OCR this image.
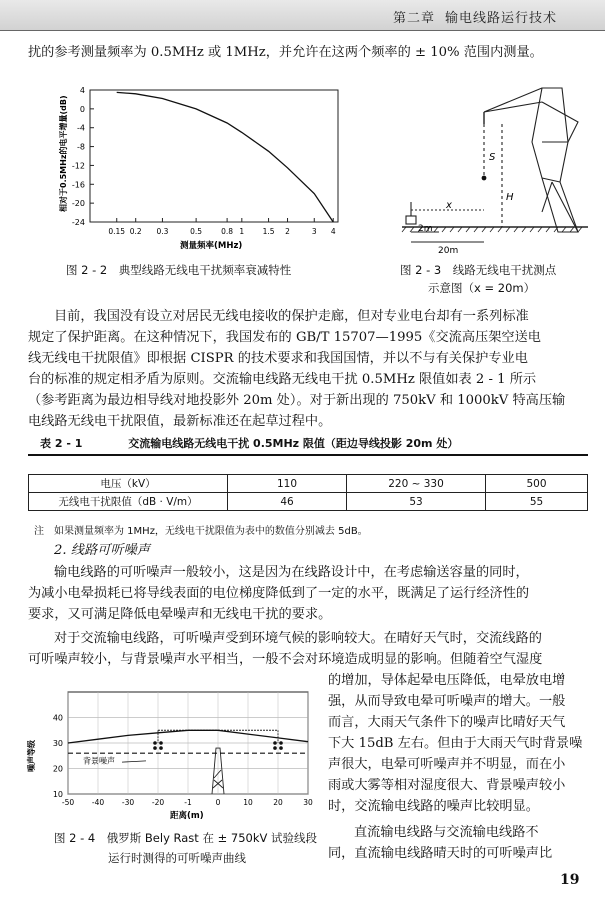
第二章 输电线路运行技术
扰的参考测量频率为 0.5MHz 或 1MHz，并允许在这两个频率的 ± 10% 范围内测量。
4
0
-4
-8
-12
-16
-20
-24
0.15 0.2 0.3	0.5	0.8 1 1.5 2	3 4
相对于0.5MHz的电平增量(dB)
测量频率(MHz)
图 2 - 2　典型线路无线电干扰频率衰减特性
S
H
x
2m
20m
图 2 - 3　线路无线电干扰测点
示意图（x = 20m）
目前，我国没有设立对居民无线电接收的保护走廊，但对专业电台却有一系列标准
规定了保护距离。在这种情况下，我国发布的 GB/T 15707—1995《交流高压架空送电
线无线电干扰限值》即根据 CISPR 的技术要求和我国国情，并以不与有关保护专业电
台的标准的规定相矛盾为原则。交流输电线路无线电干扰 0.5MHz 限值如表 2 - 1 所示
（参考距离为最边相导线对地投影外 20m 处）。对于新出现的 750kV 和 1000kV 特高压输
电线路无线电干扰限值，最新标准还在起草过程中。
表 2 - 1	交流输电线路无线电干扰 0.5MHz 限值（距边导线投影 20m 处）
电压（kV）	110	220 ~ 330	500
无线电干扰限值（dB · V/m）	46	53	55
注　如果测量频率为 1MHz，无线电干扰限值为表中的数值分别减去 5dB。
2. 线路可听噪声
输电线路的可听噪声一般较小，这是因为在线路设计中，在考虑输送容量的同时，
为减小电晕损耗已将导线表面的电位梯度降低到了一定的水平，既满足了运行经济性的
要求，又可满足降低电晕噪声和无线电干扰的要求。
对于交流输电线路，可听噪声受到环境气候的影响较大。在晴好天气时，交流线路的
可听噪声较小，与背景噪声水平相当，一般不会对环境造成明显的影响。但随着空气湿度
的增加，导体起晕电压降低，电晕放电增
强，从而导致电晕可听噪声的增大。一般
而言，大雨天气条件下的噪声比晴好天气
下大 15dB 左右。但由于大雨天气时背景噪
声很大，电晕可听噪声并不明显，而在小
雨或大雾等相对湿度很大、背景噪声较小
时，交流输电线路的噪声比较明显。
直流输电线路与交流输电线路不
同，直流输电线路晴天时的可听噪声比
10
20
30
40
-50 -40 -30 -20	-1	0	10	20	30
背景噪声
噪声等级
距离(m)
图 2 - 4　俄罗斯 Bely Rast 在 ± 750kV 试验线段
运行时测得的可听噪声曲线
19
